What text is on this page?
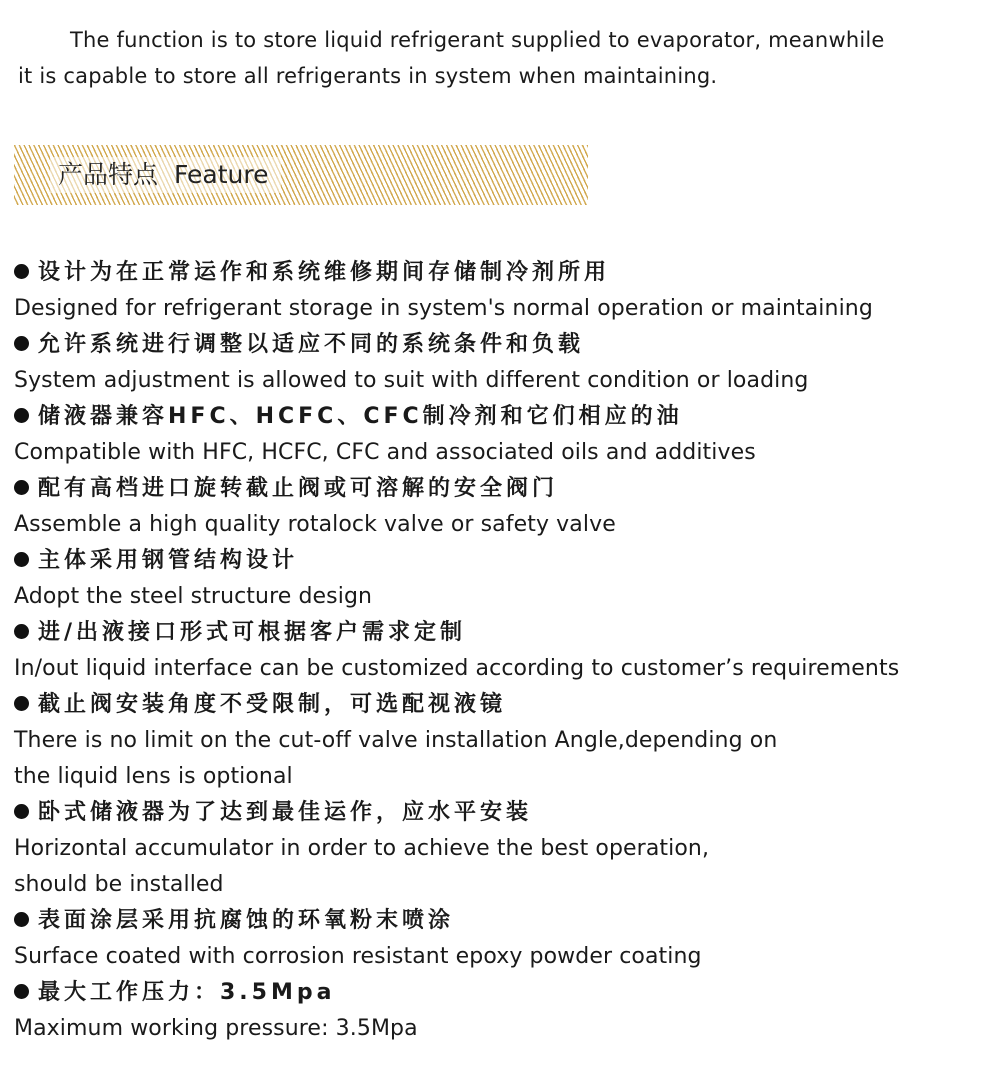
The function is to store liquid refrigerant supplied to evaporator, meanwhile
it is capable to store all refrigerants in system when maintaining.
产品特点 Feature
设计为在正常运作和系统维修期间存储制冷剂所用
Designed for refrigerant storage in system's normal operation or maintaining
允许系统进行调整以适应不同的系统条件和负载
System adjustment is allowed to suit with different condition or loading
储液器兼容HFC、HCFC、CFC制冷剂和它们相应的油
Compatible with HFC, HCFC, CFC and associated oils and additives
配有高档进口旋转截止阀或可溶解的安全阀门
Assemble a high quality rotalock valve or safety valve
主体采用钢管结构设计
Adopt the steel structure design
进/出液接口形式可根据客户需求定制
In/out liquid interface can be customized according to customer’s requirements
截止阀安装角度不受限制，可选配视液镜
There is no limit on the cut-off valve installation Angle,depending on
the liquid lens is optional
卧式储液器为了达到最佳运作，应水平安装
Horizontal accumulator in order to achieve the best operation,
should be installed
表面涂层采用抗腐蚀的环氧粉末喷涂
Surface coated with corrosion resistant epoxy powder coating
最大工作压力：3.5Mpa
Maximum working pressure: 3.5Mpa
